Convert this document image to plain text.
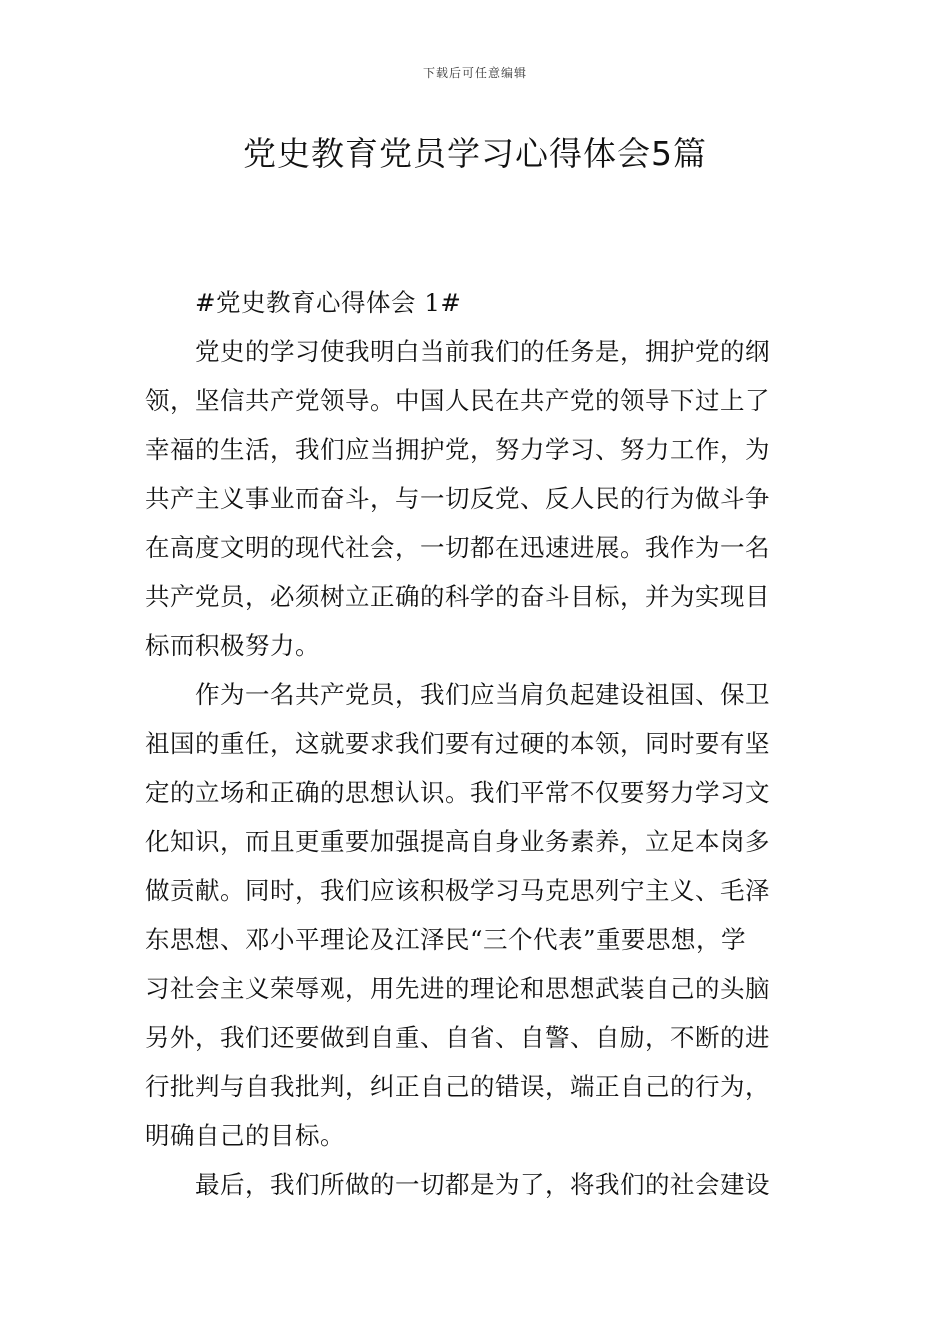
下载后可任意编辑
党史教育党员学习心得体会5篇
#党史教育心得体会 1#
党史的学习使我明白当前我们的任务是，拥护党的纲
领，坚信共产党领导。中国人民在共产党的领导下过上了
幸福的生活，我们应当拥护党，努力学习、努力工作，为
共产主义事业而奋斗，与一切反党、反人民的行为做斗争
在高度文明的现代社会，一切都在迅速进展。我作为一名
共产党员，必须树立正确的科学的奋斗目标，并为实现目
标而积极努力。
作为一名共产党员，我们应当肩负起建设祖国、保卫
祖国的重任，这就要求我们要有过硬的本领，同时要有坚
定的立场和正确的思想认识。我们平常不仅要努力学习文
化知识，而且更重要加强提高自身业务素养，立足本岗多
做贡献。同时，我们应该积极学习马克思列宁主义、毛泽
东思想、邓小平理论及江泽民“三个代表”重要思想，学
习社会主义荣辱观，用先进的理论和思想武装自己的头脑
另外，我们还要做到自重、自省、自警、自励，不断的进
行批判与自我批判，纠正自己的错误，端正自己的行为，
明确自己的目标。
最后，我们所做的一切都是为了，将我们的社会建设
